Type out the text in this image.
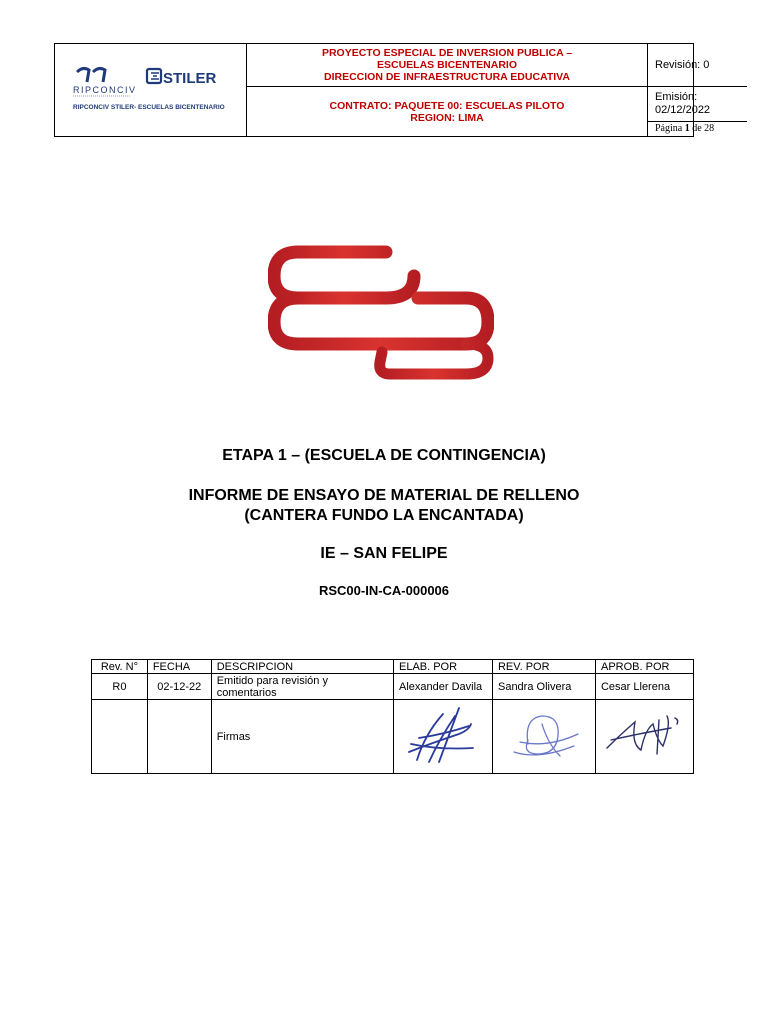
RIPCONCIV
STILER
RIPCONCIV STILER- ESCUELAS BICENTENARIO
PROYECTO ESPECIAL DE INVERSION PUBLICA –
ESCUELAS BICENTENARIO
DIRECCION DE INFRAESTRUCTURA EDUCATIVA
CONTRATO: PAQUETE 00: ESCUELAS PILOTO
REGION: LIMA
Revisión: 0
Emisión:
02/12/2022
Página 1 de 28
ETAPA 1 – (ESCUELA DE CONTINGENCIA)
INFORME DE ENSAYO DE MATERIAL DE RELLENO
(CANTERA FUNDO LA ENCANTADA)
IE – SAN FELIPE
RSC00-IN-CA-000006
Rev. N°	FECHA	DESCRIPCION	ELAB. POR	REV. POR	APROB. POR
R0	02-12-22	Emitido para revisión y comentarios	Alexander Davila	Sandra Olivera	Cesar Llerena
		Firmas	
